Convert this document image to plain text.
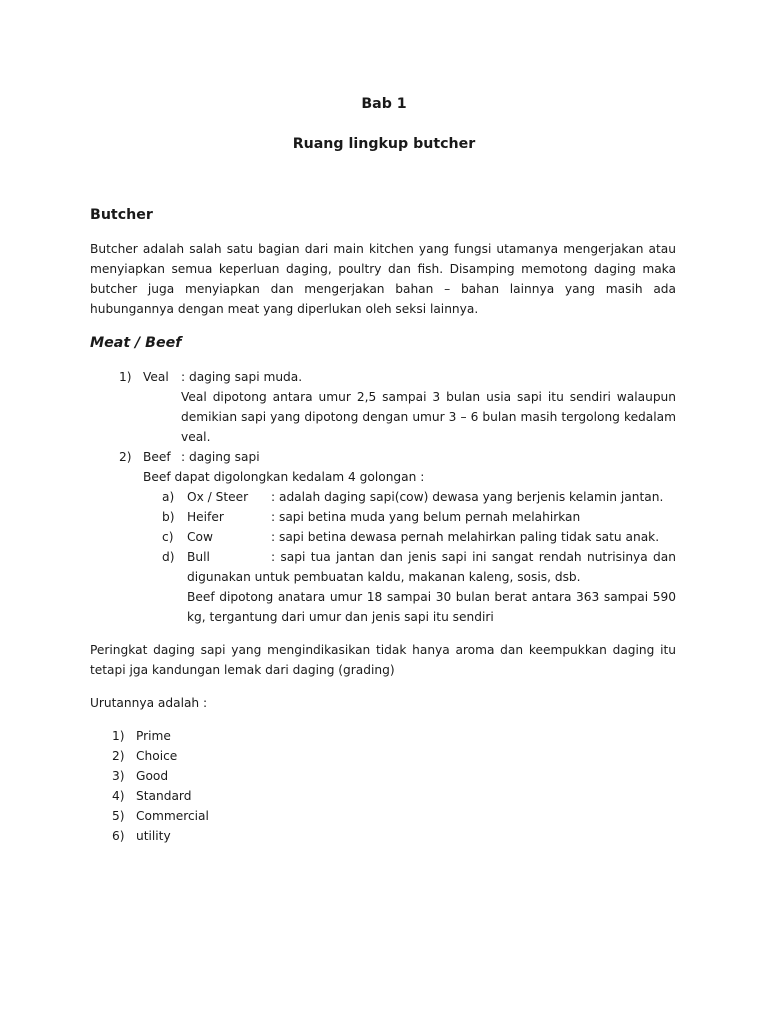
Bab 1

Ruang lingkup butcher

Butcher

Butcher adalah salah satu bagian dari main kitchen yang fungsi utamanya mengerjakan atau menyiapkan semua keperluan daging, poultry dan fish. Disamping memotong daging maka butcher juga menyiapkan dan mengerjakan bahan – bahan lainnya yang masih ada hubungannya dengan meat yang diperlukan oleh seksi lainnya.

Meat / Beef

1) Veal : daging sapi muda.

Veal dipotong antara umur 2,5 sampai 3 bulan usia sapi itu sendiri walaupun demikian sapi yang dipotong dengan umur 3 – 6 bulan masih tergolong kedalam veal.

2) Beef : daging sapi

Beef dapat digolongkan kedalam 4 golongan :

a) Ox / Steer : adalah daging sapi(cow) dewasa yang berjenis kelamin jantan.
b) Heifer	: sapi betina muda yang belum pernah melahirkan
c) Cow	: sapi betina dewasa pernah melahirkan paling tidak satu anak.
d) Bull	: sapi tua jantan dan jenis sapi ini sangat rendah nutrisinya dan digunakan untuk pembuatan kaldu, makanan kaleng, sosis, dsb.

Beef dipotong anatara umur 18 sampai 30 bulan berat antara 363 sampai 590 kg, tergantung dari umur dan jenis sapi itu sendiri

Peringkat daging sapi yang mengindikasikan tidak hanya aroma dan keempukkan daging itu tetapi jga kandungan lemak dari daging (grading)

Urutannya adalah :

1) Prime
2) Choice
3) Good
4) Standard
5) Commercial
6) utility
